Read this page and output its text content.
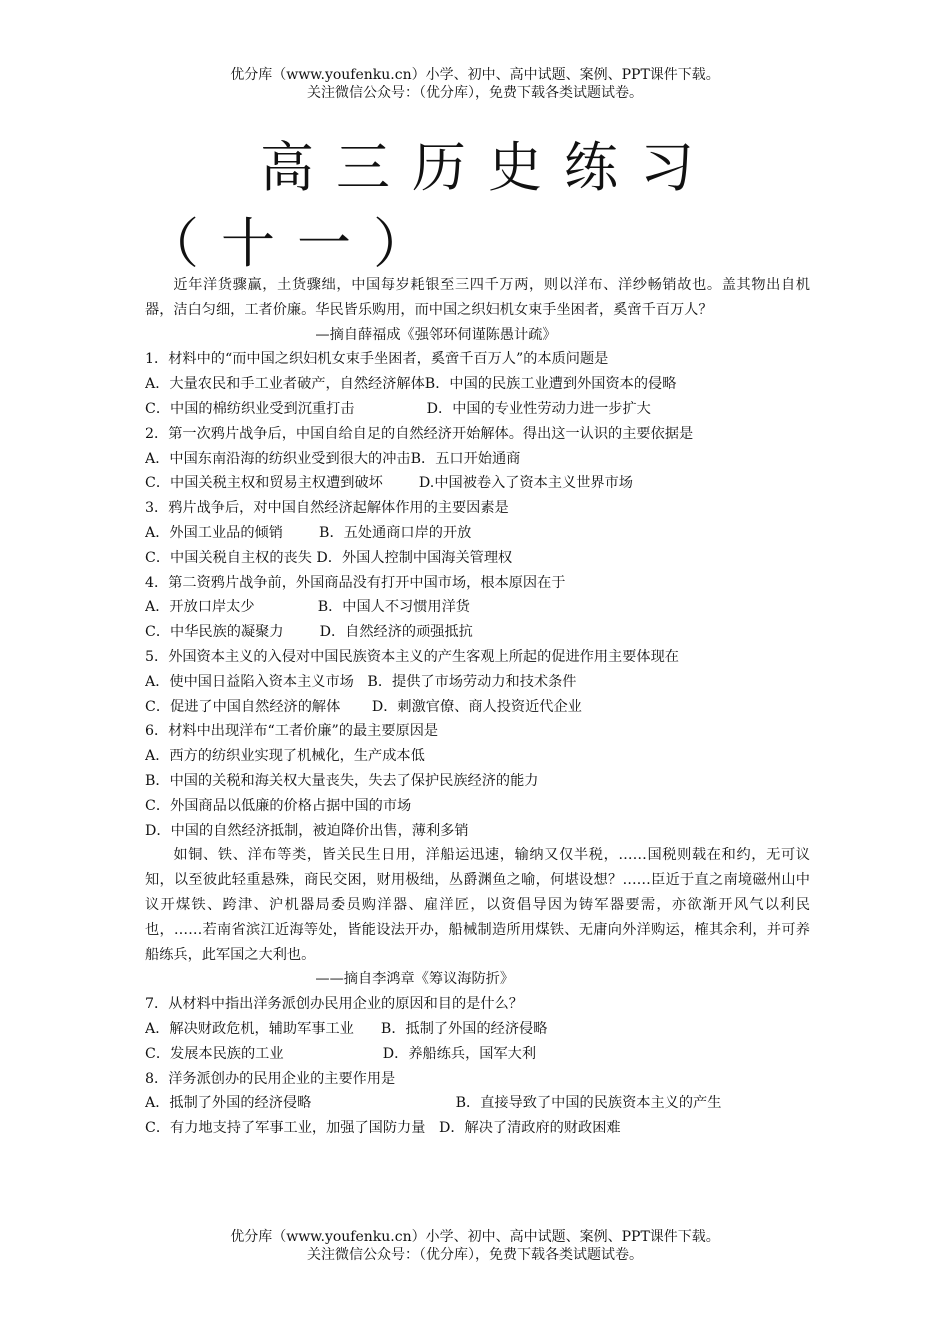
优分库（www.youfenku.cn）小学、初中、高中试题、案例、PPT课件下载。
关注微信公众号：（优分库），免费下载各类试题试卷。
高三历史练习（十一）
近年洋货骤赢，土货骤绌，中国每岁耗银至三四千万两，则以洋布、洋纱畅销故也。盖其物出自机器，洁白匀细，工者价廉。华民皆乐购用，而中国之织妇机女束手坐困者，奚啻千百万人？
—摘自薛福成《强邻环伺谨陈愚计疏》
1．材料中的“而中国之织妇机女束手坐困者，奚啻千百万人”的本质问题是
A．大量农民和手工业者破产，自然经济解体B．中国的民族工业遭到外国资本的侵略
C．中国的棉纺织业受到沉重打击                D．中国的专业性劳动力进一步扩大
2．第一次鸦片战争后，中国自给自足的自然经济开始解体。得出这一认识的主要依据是
A．中国东南沿海的纺织业受到很大的冲击B．五口开始通商
C．中国关税主权和贸易主权遭到破坏        D.中国被卷入了资本主义世界市场
3．鸦片战争后，对中国自然经济起解体作用的主要因素是
A．外国工业品的倾销        B．五处通商口岸的开放
C．中国关税自主权的丧失 D．外国人控制中国海关管理权
4．第二资鸦片战争前，外国商品没有打开中国市场，根本原因在于
A．开放口岸太少              B．中国人不习惯用洋货
C．中华民族的凝聚力        D．自然经济的顽强抵抗
5．外国资本主义的入侵对中国民族资本主义的产生客观上所起的促进作用主要体现在
A．使中国日益陷入资本主义市场   B．提供了市场劳动力和技术条件
C．促进了中国自然经济的解体       D．刺激官僚、商人投资近代企业
6．材料中出现洋布“工者价廉”的最主要原因是
A．西方的纺织业实现了机械化，生产成本低
B．中国的关税和海关权大量丧失，失去了保护民族经济的能力
C．外国商品以低廉的价格占据中国的市场
D．中国的自然经济抵制，被迫降价出售，薄利多销
如铜、铁、洋布等类，皆关民生日用，洋船运迅速，输纳又仅半税，……国税则载在和约，无可议知，以至彼此轻重悬殊，商民交困，财用极绌，丛爵渊鱼之喻，何堪设想？……臣近于直之南境磁州山中议开煤铁、跨津、沪机器局委员购洋器、雇洋匠，以资倡导因为铸军器要需，亦欲渐开风气以利民也，……若南省滨江近海等处，皆能设法开办，船械制造所用煤铁、无庸向外洋购运，榷其余利，并可养船练兵，此军国之大利也。
——摘自李鸿章《筹议海防折》
7．从材料中指出洋务派创办民用企业的原因和目的是什么？
A．解决财政危机，辅助军事工业      B．抵制了外国的经济侵略
C．发展本民族的工业                      D．养船练兵，国军大利
8．洋务派创办的民用企业的主要作用是
A．抵制了外国的经济侵略                                B．直接导致了中国的民族资本主义的产生
C．有力地支持了军事工业，加强了国防力量   D．解决了清政府的财政困难
优分库（www.youfenku.cn）小学、初中、高中试题、案例、PPT课件下载。
关注微信公众号：（优分库），免费下载各类试题试卷。
